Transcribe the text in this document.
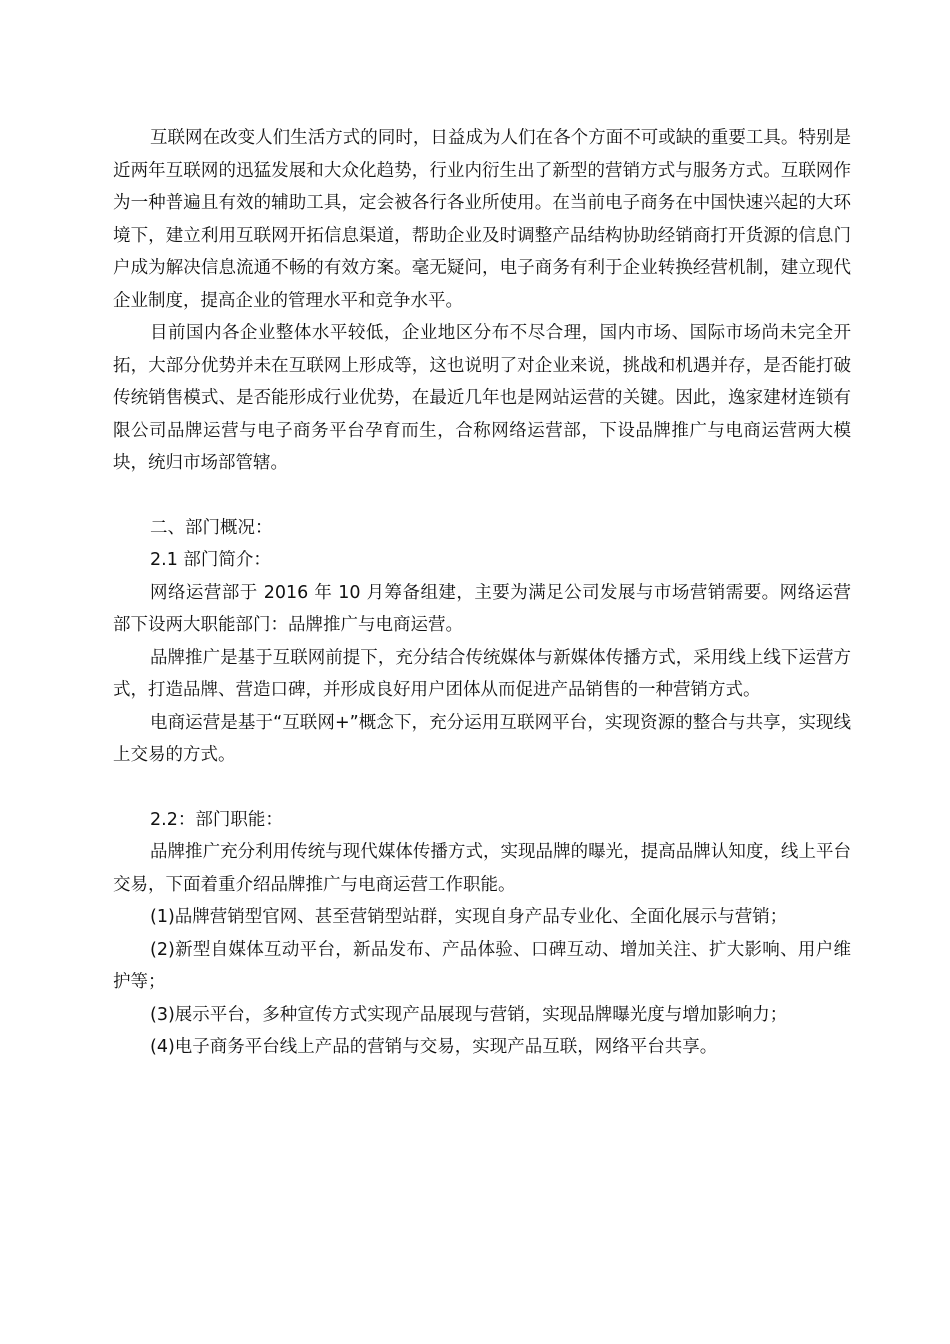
互联网在改变人们生活方式的同时，日益成为人们在各个方面不可或缺的重要工具。特别是近两年互联网的迅猛发展和大众化趋势，行业内衍生出了新型的营销方式与服务方式。互联网作为一种普遍且有效的辅助工具，定会被各行各业所使用。在当前电子商务在中国快速兴起的大环境下，建立利用互联网开拓信息渠道，帮助企业及时调整产品结构协助经销商打开货源的信息门户成为解决信息流通不畅的有效方案。毫无疑问，电子商务有利于企业转换经营机制，建立现代企业制度，提高企业的管理水平和竞争水平。

目前国内各企业整体水平较低，企业地区分布不尽合理，国内市场、国际市场尚未完全开拓，大部分优势并未在互联网上形成等，这也说明了对企业来说，挑战和机遇并存，是否能打破传统销售模式、是否能形成行业优势，在最近几年也是网站运营的关键。因此，逸家建材连锁有限公司品牌运营与电子商务平台孕育而生，合称网络运营部，下设品牌推广与电商运营两大模块，统归市场部管辖。

二、部门概况：

2.1 部门简介：

网络运营部于 2016 年 10 月筹备组建，主要为满足公司发展与市场营销需要。网络运营部下设两大职能部门：品牌推广与电商运营。

品牌推广是基于互联网前提下，充分结合传统媒体与新媒体传播方式，采用线上线下运营方式，打造品牌、营造口碑，并形成良好用户团体从而促进产品销售的一种营销方式。

电商运营是基于“互联网+”概念下，充分运用互联网平台，实现资源的整合与共享，实现线上交易的方式。

2.2：部门职能：

品牌推广充分利用传统与现代媒体传播方式，实现品牌的曝光，提高品牌认知度，线上平台交易，下面着重介绍品牌推广与电商运营工作职能。

(1)品牌营销型官网、甚至营销型站群，实现自身产品专业化、全面化展示与营销；

(2)新型自媒体互动平台，新品发布、产品体验、口碑互动、增加关注、扩大影响、用户维护等；

(3)展示平台，多种宣传方式实现产品展现与营销，实现品牌曝光度与增加影响力；

(4)电子商务平台线上产品的营销与交易，实现产品互联，网络平台共享。
